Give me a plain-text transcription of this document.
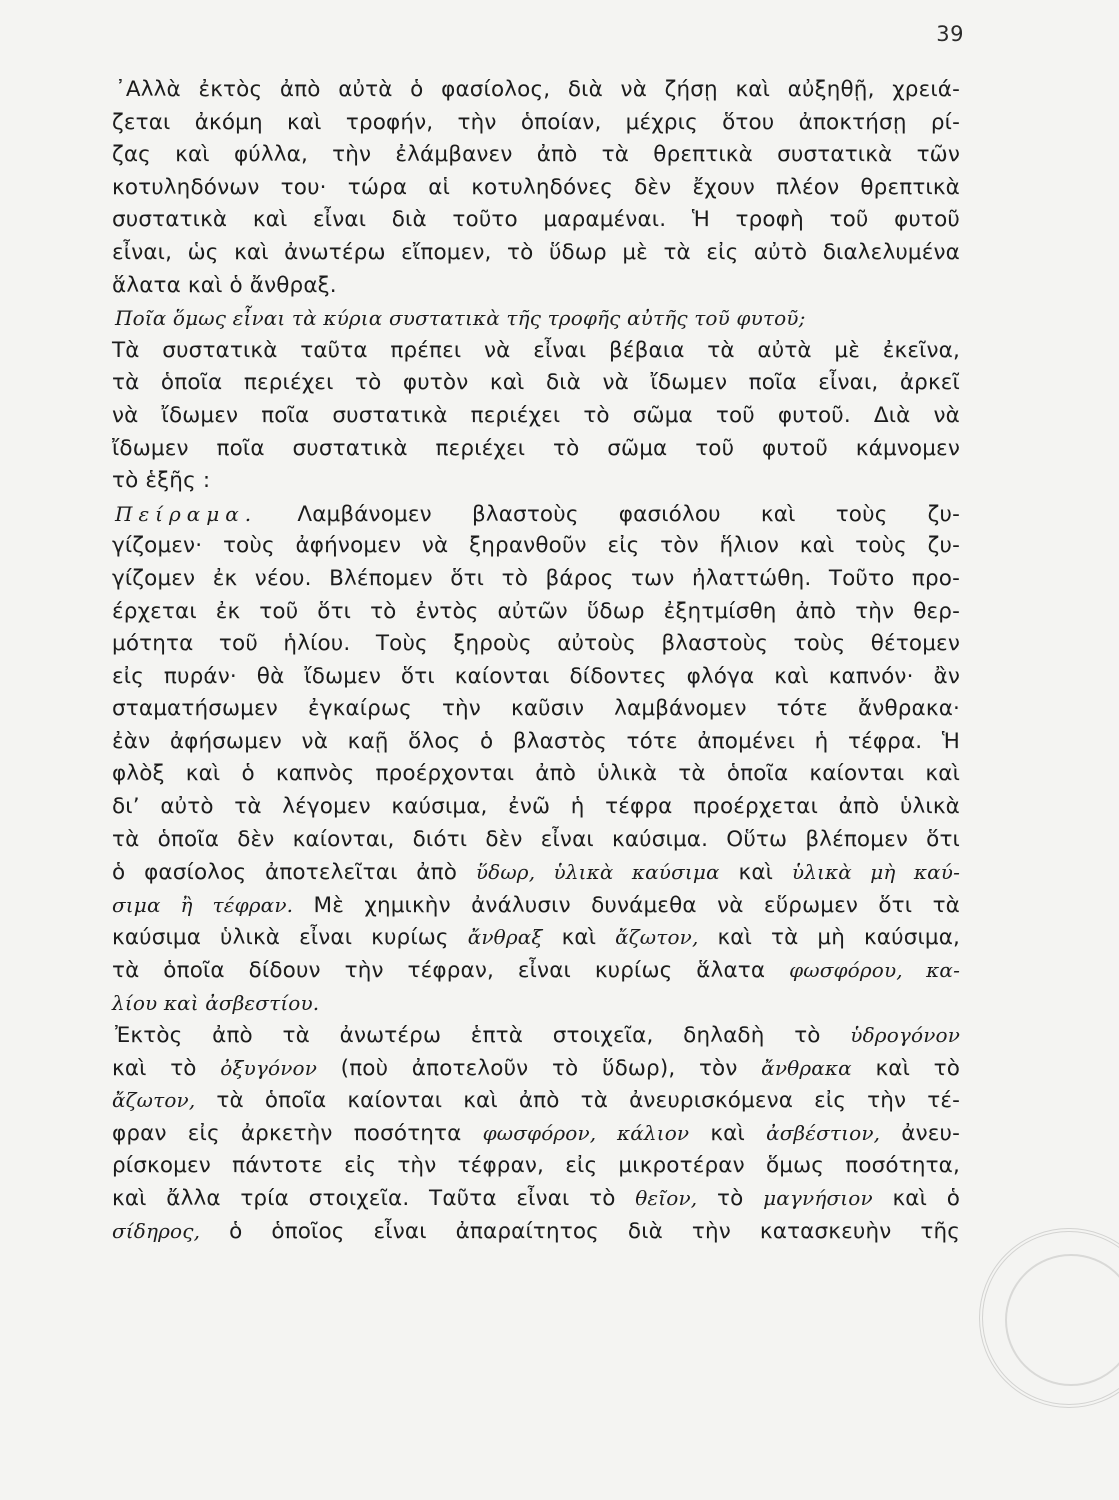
39
᾿Αλλὰ ἐκτὸς ἀπὸ αὐτὰ ὁ φασίολος, διὰ νὰ ζήσῃ καὶ αὐξηθῇ, χρειά-
ζεται ἀκόμη καὶ τροφήν, τὴν ὁποίαν, μέχρις ὅτου ἀποκτήσῃ ρί-
ζας καὶ φύλλα, τὴν ἐλάμβανεν ἀπὸ τὰ θρεπτικὰ συστατικὰ τῶν
κοτυληδόνων του· τώρα αἱ κοτυληδόνες δὲν ἔχουν πλέον θρεπτικὰ
συστατικὰ καὶ εἶναι διὰ τοῦτο μαραμέναι. Ἡ τροφὴ τοῦ φυτοῦ
εἶναι, ὡς καὶ ἀνωτέρω εἴπομεν, τὸ ὕδωρ μὲ τὰ εἰς αὐτὸ διαλελυμένα
ἅλατα καὶ ὁ ἄνθραξ.
Ποῖα ὅμως εἶναι τὰ κύρια συστατικὰ τῆς τροφῆς αὐτῆς τοῦ φυτοῦ;
Τὰ συστατικὰ ταῦτα πρέπει νὰ εἶναι βέβαια τὰ αὐτὰ μὲ ἐκεῖνα,
τὰ ὁποῖα περιέχει τὸ φυτὸν καὶ διὰ νὰ ἴδωμεν ποῖα εἶναι, ἀρκεῖ
νὰ ἴδωμεν ποῖα συστατικὰ περιέχει τὸ σῶμα τοῦ φυτοῦ. Διὰ νὰ
ἴδωμεν ποῖα συστατικὰ περιέχει τὸ σῶμα τοῦ φυτοῦ κάμνομεν
τὸ ἑξῆς :
Πείραμα. Λαμβάνομεν βλαστοὺς φασιόλου καὶ τοὺς ζυ-
γίζομεν· τοὺς ἀφήνομεν νὰ ξηρανθοῦν εἰς τὸν ἥλιον καὶ τοὺς ζυ-
γίζομεν ἐκ νέου. Βλέπομεν ὅτι τὸ βάρος των ἠλαττώθη. Τοῦτο προ-
έρχεται ἐκ τοῦ ὅτι τὸ ἐντὸς αὐτῶν ὕδωρ ἐξητμίσθη ἀπὸ τὴν θερ-
μότητα τοῦ ἡλίου. Τοὺς ξηροὺς αὐτοὺς βλαστοὺς τοὺς θέτομεν
εἰς πυράν· θὰ ἴδωμεν ὅτι καίονται δίδοντες φλόγα καὶ καπνόν· ἂν
σταματήσωμεν ἐγκαίρως τὴν καῦσιν λαμβάνομεν τότε ἄνθρακα·
ἐὰν ἀφήσωμεν νὰ καῇ ὅλος ὁ βλαστὸς τότε ἀπομένει ἡ τέφρα. Ἡ
φλὸξ καὶ ὁ καπνὸς προέρχονται ἀπὸ ὑλικὰ τὰ ὁποῖα καίονται καὶ
δι’ αὐτὸ τὰ λέγομεν καύσιμα, ἐνῶ ἡ τέφρα προέρχεται ἀπὸ ὑλικὰ
τὰ ὁποῖα δὲν καίονται, διότι δὲν εἶναι καύσιμα. Οὕτω βλέπομεν ὅτι
ὁ φασίολος ἀποτελεῖται ἀπὸ ὕδωρ, ὑλικὰ καύσιμα καὶ ὑλικὰ μὴ καύ-
σιμα ἢ τέφραν. Μὲ χημικὴν ἀνάλυσιν δυνάμεθα νὰ εὕρωμεν ὅτι τὰ
καύσιμα ὑλικὰ εἶναι κυρίως ἄνθραξ καὶ ἄζωτον, καὶ τὰ μὴ καύσιμα,
τὰ ὁποῖα δίδουν τὴν τέφραν, εἶναι κυρίως ἅλατα φωσφόρου, κα-
λίου καὶ ἀσβεστίου.
Ἐκτὸς ἀπὸ τὰ ἀνωτέρω ἑπτὰ στοιχεῖα, δηλαδὴ τὸ ὑδρογόνον
καὶ τὸ ὀξυγόνον (ποὺ ἀποτελοῦν τὸ ὕδωρ), τὸν ἄνθρακα καὶ τὸ
ἄζωτον, τὰ ὁποῖα καίονται καὶ ἀπὸ τὰ ἀνευρισκόμενα εἰς τὴν τέ-
φραν εἰς ἀρκετὴν ποσότητα φωσφόρον, κάλιον καὶ ἀσβέστιον, ἀνευ-
ρίσκομεν πάντοτε εἰς τὴν τέφραν, εἰς μικροτέραν ὅμως ποσότητα,
καὶ ἄλλα τρία στοιχεῖα. Ταῦτα εἶναι τὸ θεῖον, τὸ μαγνήσιον καὶ ὁ
σίδηρος, ὁ ὁποῖος εἶναι ἀπαραίτητος διὰ τὴν κατασκευὴν τῆς
